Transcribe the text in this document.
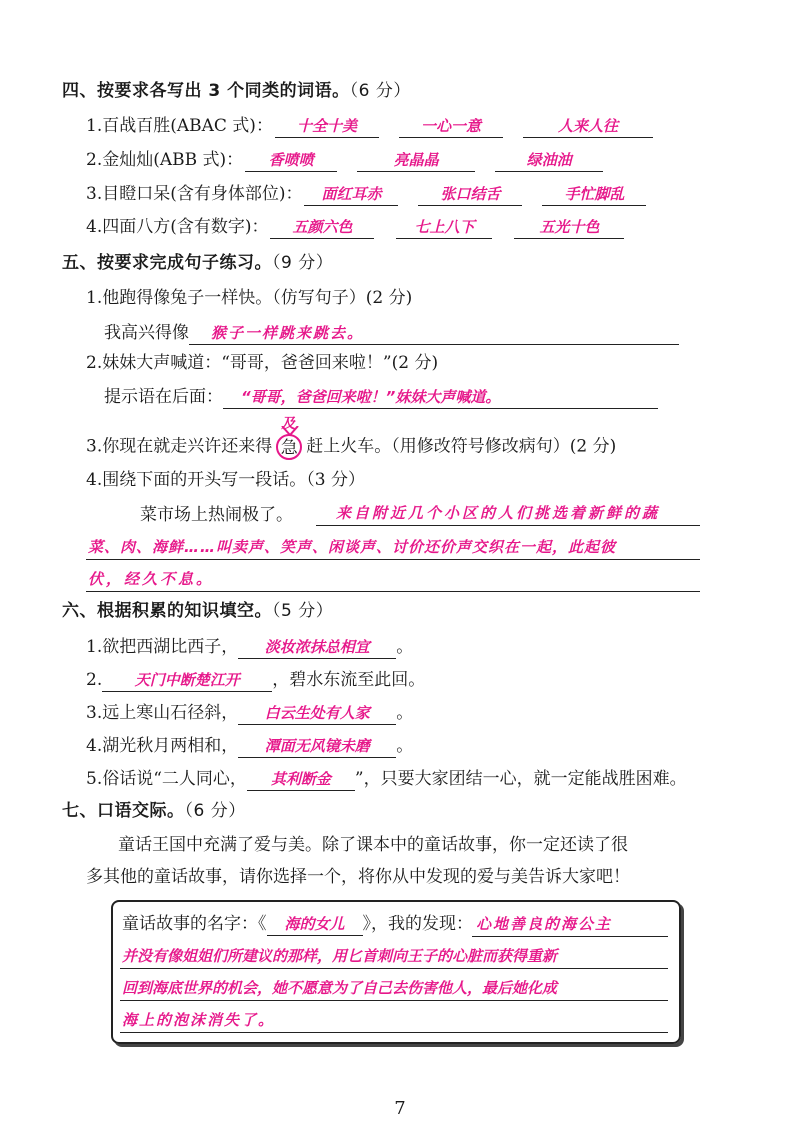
四、按要求各写出 3 个同类的词语。（6 分）
1.百战百胜(ABAC 式)： 十全十美	一心一意	人来人往
2.金灿灿(ABB 式)： 香喷喷	亮晶晶	绿油油
3.目瞪口呆(含有身体部位)： 面红耳赤	张口结舌	手忙脚乱
4.四面八方(含有数字)： 五颜六色	七上八下	五光十色
五、按要求完成句子练习。（9 分）
1.他跑得像兔子一样快。（仿写句子）(2 分)
我高兴得像 猴子一样跳来跳去。
2.妹妹大声喊道：“哥哥，爸爸回来啦！”(2 分)
提示语在后面： “哥哥，爸爸回来啦！”妹妹大声喊道。
3.你现在就走兴许还来得 急
及
赶上火车。（用修改符号修改病句）(2 分)
4.围绕下面的开头写一段话。（3 分）
菜市场上热闹极了。	来自附近几个小区的人们挑选着新鲜的蔬
菜、肉、海鲜……叫卖声、笑声、闲谈声、讨价还价声交织在一起，此起彼
伏，经久不息。
六、根据积累的知识填空。（5 分）
1.欲把西湖比西子， 淡妆浓抹总相宜 。
2. 天门中断楚江开 ，碧水东流至此回。
3.远上寒山石径斜， 白云生处有人家 。
4.湖光秋月两相和， 潭面无风镜未磨 。
5.俗话说“二人同心， 其利断金 ”，只要大家团结一心，就一定能战胜困难。
七、口语交际。（6 分）
童话王国中充满了爱与美。除了课本中的童话故事，你一定还读了很
多其他的童话故事，请你选择一个，将你从中发现的爱与美告诉大家吧！
童话故事的名字：《 海的女儿 》，我的发现： 心地善良的海公主
并没有像姐姐们所建议的那样，用匕首刺向王子的心脏而获得重新
回到海底世界的机会，她不愿意为了自己去伤害他人，最后她化成
海上的泡沫消失了。
7
